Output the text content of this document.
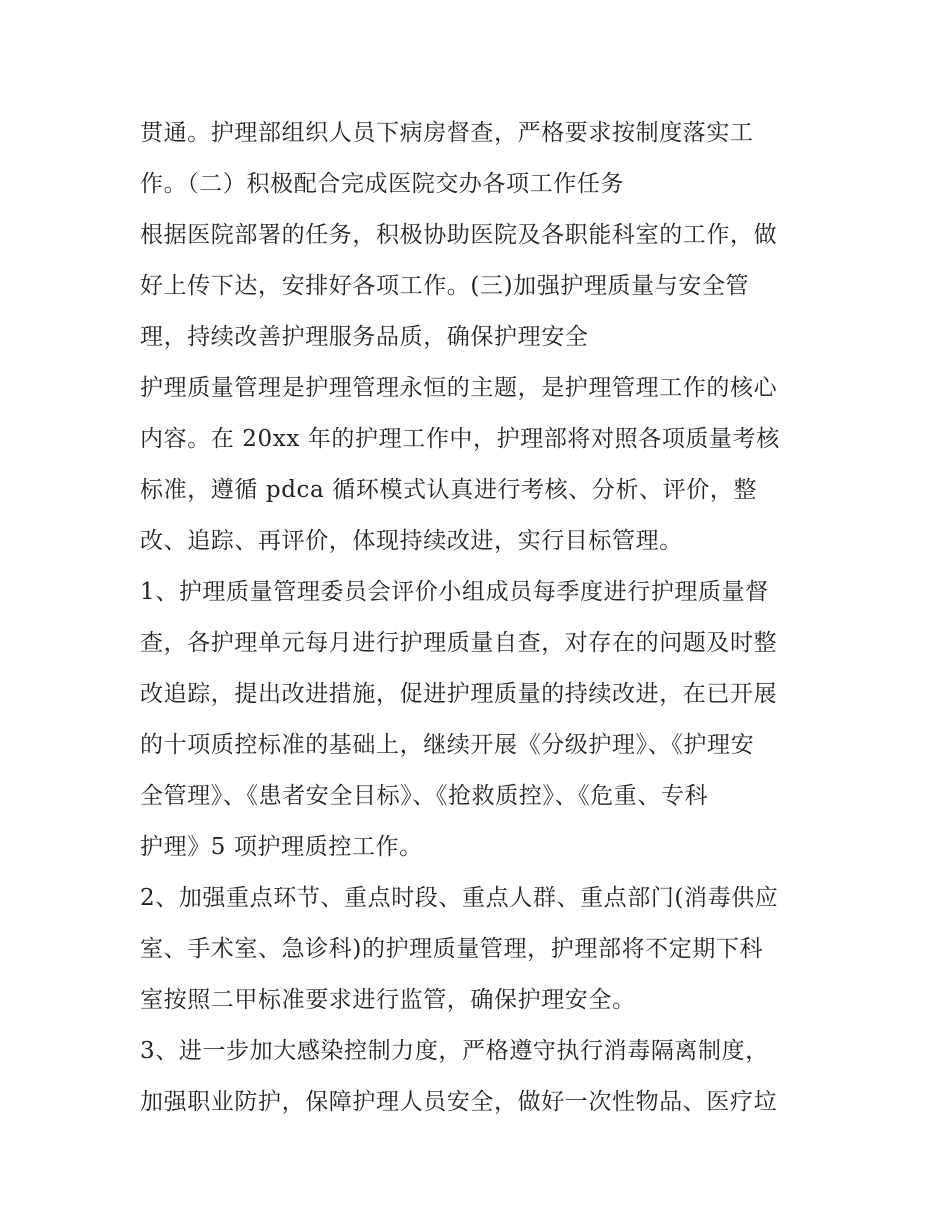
贯通。护理部组织人员下病房督查，严格要求按制度落实工
作。（二）积极配合完成医院交办各项工作任务
根据医院部署的任务，积极协助医院及各职能科室的工作，做
好上传下达，安排好各项工作。(三)加强护理质量与安全管
理，持续改善护理服务品质，确保护理安全
护理质量管理是护理管理永恒的主题，是护理管理工作的核心
内容。在 20xx 年的护理工作中，护理部将对照各项质量考核
标准，遵循 pdca 循环模式认真进行考核、分析、评价，整
改、追踪、再评价，体现持续改进，实行目标管理。
1、护理质量管理委员会评价小组成员每季度进行护理质量督
查，各护理单元每月进行护理质量自查，对存在的问题及时整
改追踪，提出改进措施，促进护理质量的持续改进，在已开展
的十项质控标准的基础上，继续开展《分级护理》、《护理安
全管理》、《患者安全目标》、《抢救质控》、《危重、专科
护理》5 项护理质控工作。
2、加强重点环节、重点时段、重点人群、重点部门(消毒供应
室、手术室、急诊科)的护理质量管理，护理部将不定期下科
室按照二甲标准要求进行监管，确保护理安全。
3、进一步加大感染控制力度，严格遵守执行消毒隔离制度，
加强职业防护，保障护理人员安全，做好一次性物品、医疗垃
